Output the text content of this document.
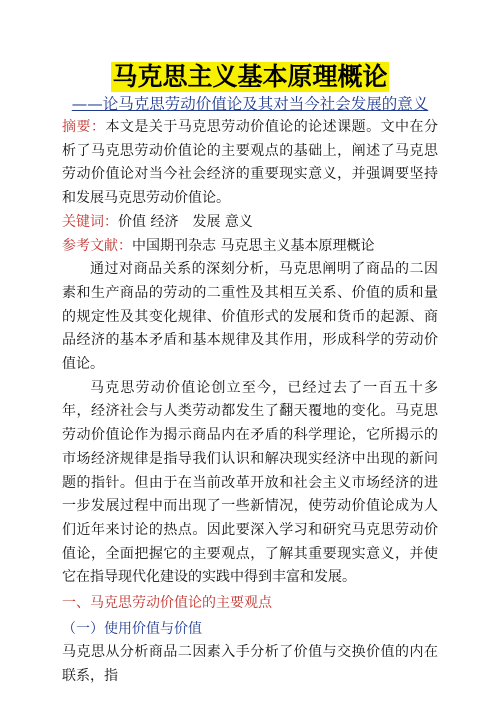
马克思主义基本原理概论
——论马克思劳动价值论及其对当今社会发展的意义

摘要：本文是关于马克思劳动价值论的论述课题。文中在分析了马克思劳动价值论的主要观点的基础上，阐述了马克思劳动价值论对当今社会经济的重要现实意义，并强调要坚持和发展马克思劳动价值论。

关键词：价值 经济　发展 意义

参考文献：中国期刊杂志 马克思主义基本原理概论

通过对商品关系的深刻分析，马克思阐明了商品的二因素和生产商品的劳动的二重性及其相互关系、价值的质和量的规定性及其变化规律、价值形式的发展和货币的起源、商品经济的基本矛盾和基本规律及其作用，形成科学的劳动价值论。

马克思劳动价值论创立至今，已经过去了一百五十多年，经济社会与人类劳动都发生了翻天覆地的变化。马克思劳动价值论作为揭示商品内在矛盾的科学理论，它所揭示的市场经济规律是指导我们认识和解决现实经济中出现的新问题的指针。但由于在当前改革开放和社会主义市场经济的进一步发展过程中而出现了一些新情况，使劳动价值论成为人们近年来讨论的热点。因此要深入学习和研究马克思劳动价值论，全面把握它的主要观点，了解其重要现实意义，并使它在指导现代化建设的实践中得到丰富和发展。

一、马克思劳动价值论的主要观点

（一）使用价值与价值

马克思从分析商品二因素入手分析了价值与交换价值的内在联系，指
